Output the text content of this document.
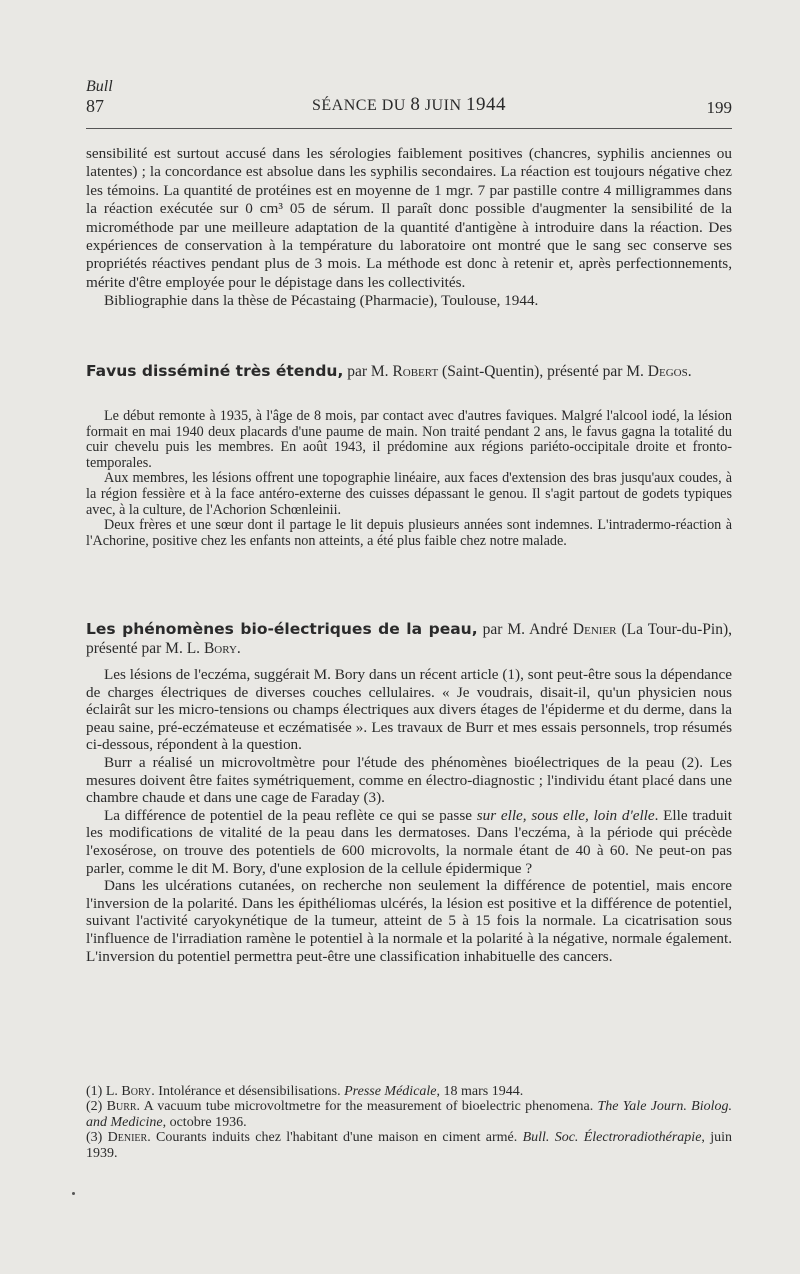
Bull
87	SÉANCE DU 8 JUIN 1944	199

sensibilité est surtout accusé dans les sérologies faiblement positives (chancres, syphilis anciennes ou latentes) ; la concordance est absolue dans les syphilis secondaires. La réaction est toujours négative chez les témoins. La quantité de protéines est en moyenne de 1 mgr. 7 par pastille contre 4 milligrammes dans la réaction exécutée sur 0 cm³ 05 de sérum. Il paraît donc possible d'augmenter la sensibilité de la microméthode par une meilleure adaptation de la quantité d'antigène à introduire dans la réaction. Des expériences de conservation à la température du laboratoire ont montré que le sang sec conserve ses propriétés réactives pendant plus de 3 mois. La méthode est donc à retenir et, après perfectionnements, mérite d'être employée pour le dépistage dans les collectivités.

Bibliographie dans la thèse de Pécastaing (Pharmacie), Toulouse, 1944.

Favus disséminé très étendu, par M. Robert (Saint-Quentin), présenté par M. Degos.

Le début remonte à 1935, à l'âge de 8 mois, par contact avec d'autres faviques. Malgré l'alcool iodé, la lésion formait en mai 1940 deux placards d'une paume de main. Non traité pendant 2 ans, le favus gagna la totalité du cuir chevelu puis les membres. En août 1943, il prédomine aux régions pariéto-occipitale droite et fronto-temporales.

Aux membres, les lésions offrent une topographie linéaire, aux faces d'extension des bras jusqu'aux coudes, à la région fessière et à la face antéro-externe des cuisses dépassant le genou. Il s'agit partout de godets typiques avec, à la culture, de l'Achorion Schœnleinii.

Deux frères et une sœur dont il partage le lit depuis plusieurs années sont indemnes. L'intradermo-réaction à l'Achorine, positive chez les enfants non atteints, a été plus faible chez notre malade.

Les phénomènes bio-électriques de la peau, par M. André Denier (La Tour-du-Pin), présenté par M. L. Bory.

Les lésions de l'eczéma, suggérait M. Bory dans un récent article (1), sont peut-être sous la dépendance de charges électriques de diverses couches cellulaires. « Je voudrais, disait-il, qu'un physicien nous éclairât sur les micro-tensions ou champs électriques aux divers étages de l'épiderme et du derme, dans la peau saine, pré-eczémateuse et eczématisée ». Les travaux de Burr et mes essais personnels, trop résumés ci-dessous, répondent à la question.

Burr a réalisé un microvoltmètre pour l'étude des phénomènes bioélectriques de la peau (2). Les mesures doivent être faites symétriquement, comme en électro-diagnostic ; l'individu étant placé dans une chambre chaude et dans une cage de Faraday (3).

La différence de potentiel de la peau reflète ce qui se passe sur elle, sous elle, loin d'elle. Elle traduit les modifications de vitalité de la peau dans les dermatoses. Dans l'eczéma, à la période qui précède l'exosérose, on trouve des potentiels de 600 microvolts, la normale étant de 40 à 60. Ne peut-on pas parler, comme le dit M. Bory, d'une explosion de la cellule épidermique ?

Dans les ulcérations cutanées, on recherche non seulement la différence de potentiel, mais encore l'inversion de la polarité. Dans les épithéliomas ulcérés, la lésion est positive et la différence de potentiel, suivant l'activité caryokynétique de la tumeur, atteint de 5 à 15 fois la normale. La cicatrisation sous l'influence de l'irradiation ramène le potentiel à la normale et la polarité à la négative, normale également. L'inversion du potentiel permettra peut-être une classification inhabituelle des cancers.

(1) L. Bory. Intolérance et désensibilisations. Presse Médicale, 18 mars 1944.

(2) Burr. A vacuum tube microvoltmetre for the measurement of bioelectric phenomena. The Yale Journ. Biolog. and Medicine, octobre 1936.

(3) Denier. Courants induits chez l'habitant d'une maison en ciment armé. Bull. Soc. Électroradiothérapie, juin 1939.
